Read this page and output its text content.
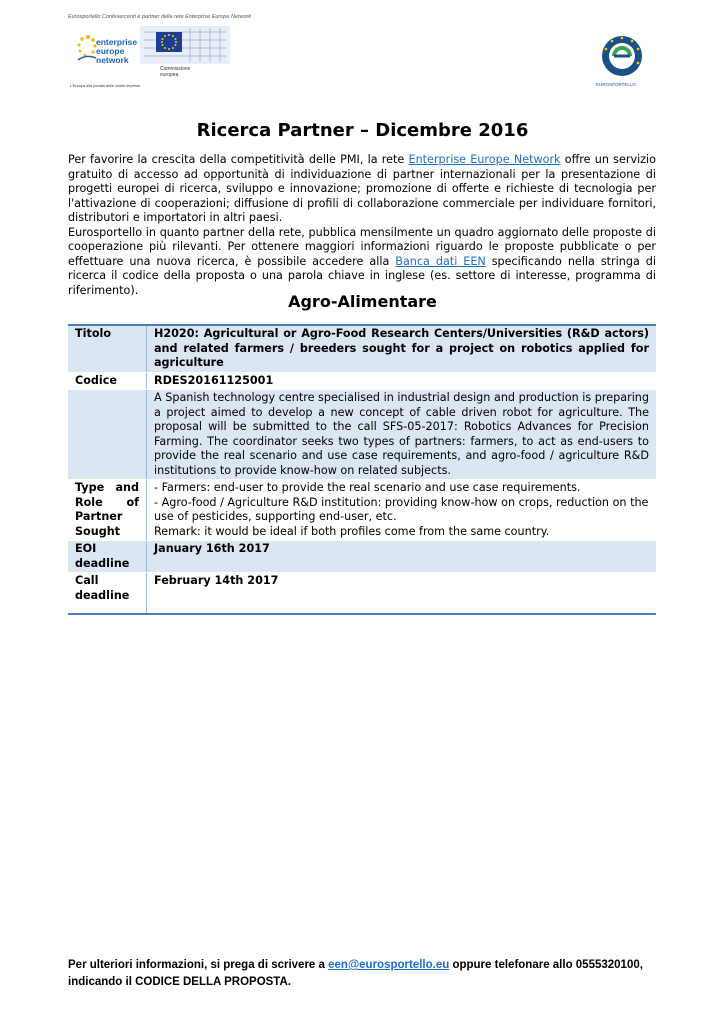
Eurosportello Confesercenti è partner della rete Enterprise Europe Network
enterprise
europe
network
L'Europa alla portata delle vostre imprese
Commissione
europea
EUROSPORTELLO
Ricerca Partner – Dicembre 2016

Per favorire la crescita della competitività delle PMI, la rete Enterprise Europe Network offre un servizio gratuito di accesso ad opportunità di individuazione di partner internazionali per la presentazione di progetti europei di ricerca, sviluppo e innovazione; promozione di offerte e richieste di tecnologia per l'attivazione di cooperazioni; diffusione di profili di collaborazione commerciale per individuare fornitori, distributori e importatori in altri paesi.

Eurosportello in quanto partner della rete, pubblica mensilmente un quadro aggiornato delle proposte di cooperazione più rilevanti. Per ottenere maggiori informazioni riguardo le proposte pubblicate o per effettuare una nuova ricerca, è possibile accedere alla Banca dati EEN specificando nella stringa di ricerca il codice della proposta o una parola chiave in inglese (es. settore di interesse, programma di riferimento).

Agro-Alimentare
Titolo	H2020: Agricultural or Agro-Food Research Centers/Universities (R&D actors) and related farmers / breeders sought for a project on robotics applied for agriculture
Codice	RDES20161125001
	A Spanish technology centre specialised in industrial design and production is preparing a project aimed to develop a new concept of cable driven robot for agriculture. The proposal will be submitted to the call SFS-05-2017: Robotics Advances for Precision Farming. The coordinator seeks two types of partners: farmers, to act as end-users to provide the real scenario and use case requirements, and agro-food / agriculture R&D institutions to provide know-how on related subjects.
Type and Role of Partner Sought	- Farmers: end-user to provide the real scenario and use case requirements.

- Agro-food / Agriculture R&D institution: providing know-how on crops, reduction on the use of pesticides, supporting end-user, etc.

Remark: it would be ideal if both profiles come from the same country.

EOI deadline	January 16th 2017
Call deadline	February 14th 2017
Per ulteriori informazioni, si prega di scrivere a een@eurosportello.eu oppure telefonare allo 0555320100, indicando il CODICE DELLA PROPOSTA.
